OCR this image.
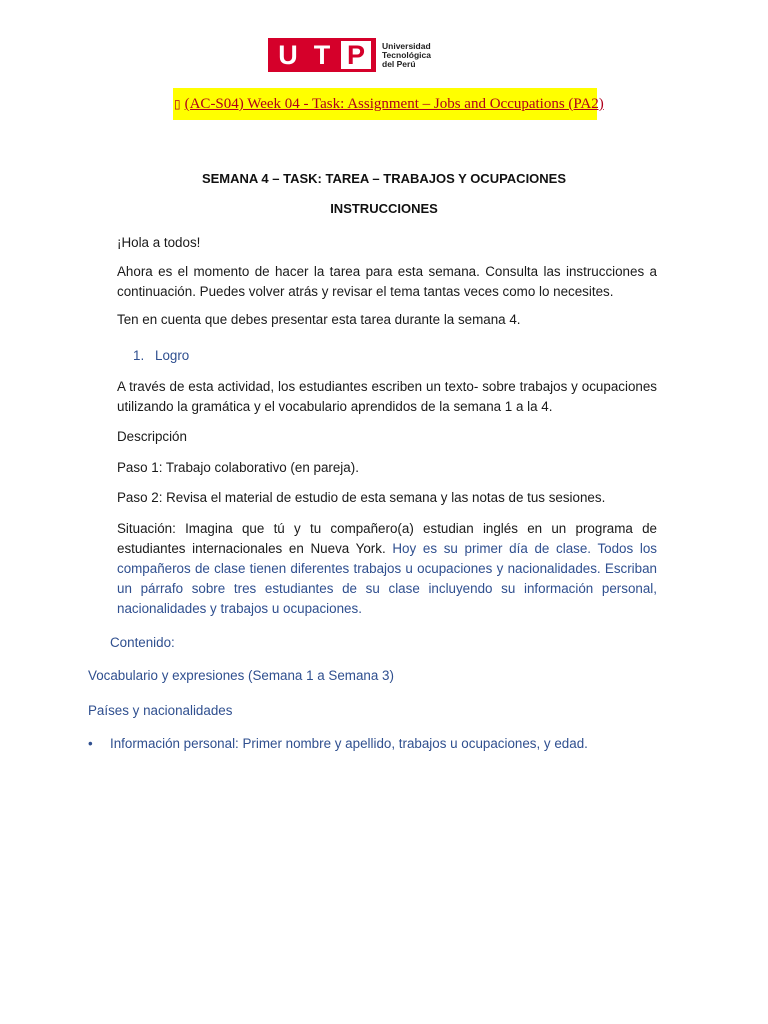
U T P	Universidad
Tecnológica
del Perú
▯ (AC-S04) Week 04 - Task: Assignment – Jobs and Occupations (PA2)
SEMANA 4 – TASK: TAREA – TRABAJOS Y OCUPACIONES
INSTRUCCIONES
¡Hola a todos!
Ahora es el momento de hacer la tarea para esta semana. Consulta las instrucciones a continuación. Puedes volver atrás y revisar el tema tantas veces como lo necesites.
Ten en cuenta que debes presentar esta tarea durante la semana 4.
1. Logro
A través de esta actividad, los estudiantes escriben un texto- sobre trabajos y ocupaciones utilizando la gramática y el vocabulario aprendidos de la semana 1 a la 4.
Descripción
Paso 1: Trabajo colaborativo (en pareja).
Paso 2: Revisa el material de estudio de esta semana y las notas de tus sesiones.
Situación: Imagina que tú y tu compañero(a) estudian inglés en un programa de estudiantes internacionales en Nueva York. Hoy es su primer día de clase. Todos los compañeros de clase tienen diferentes trabajos u ocupaciones y nacionalidades. Escriban un párrafo sobre tres estudiantes de su clase incluyendo su información personal, nacionalidades y trabajos u ocupaciones.
Contenido:
Vocabulario y expresiones (Semana 1 a Semana 3)
Países y nacionalidades
• Información personal: Primer nombre y apellido, trabajos u ocupaciones, y edad.
